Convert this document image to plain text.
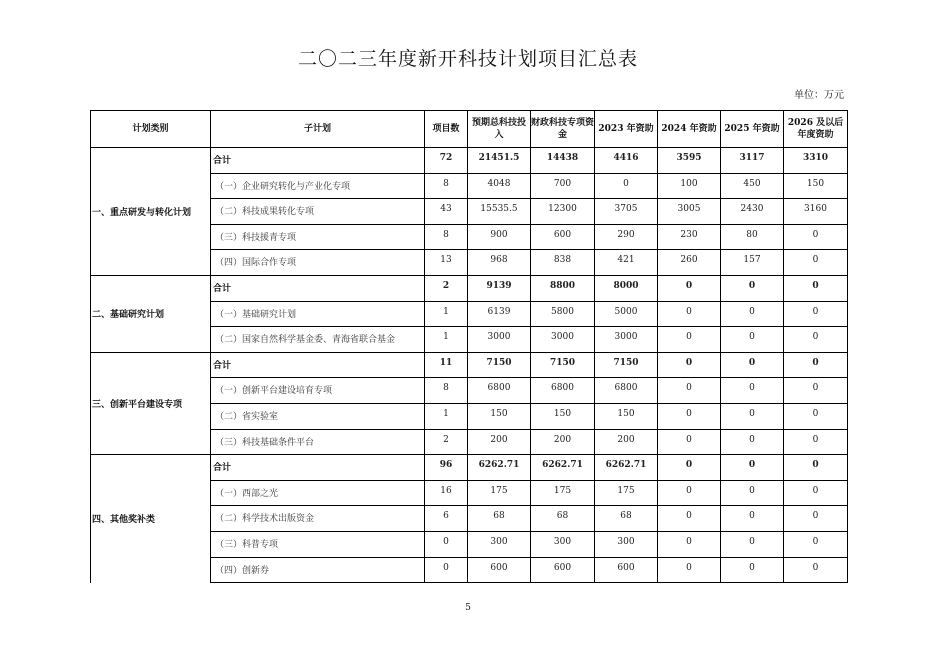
二〇二三年度新开科技计划项目汇总表
单位：万元
计划类别	子计划	项目数	预期总科技投入	财政科技专项资金	2023 年资助	2024 年资助	2025 年资助	2026 及以后年度资助
一、重点研发与转化计划	合计	72	21451.5	14438	4416	3595	3117	3310
	（一）企业研究转化与产业化专项	8	4048	700	0	100	450	150
	（二）科技成果转化专项	43	15535.5	12300	3705	3005	2430	3160
	（三）科技援青专项	8	900	600	290	230	80	0
	（四）国际合作专项	13	968	838	421	260	157	0
二、基础研究计划	合计	2	9139	8800	8000	0	0	0
	（一）基础研究计划	1	6139	5800	5000	0	0	0
	（二）国家自然科学基金委、青海省联合基金	1	3000	3000	3000	0	0	0
三、创新平台建设专项	合计	11	7150	7150	7150	0	0	0
	（一）创新平台建设培育专项	8	6800	6800	6800	0	0	0
	（二）省实验室	1	150	150	150	0	0	0
	（三）科技基础条件平台	2	200	200	200	0	0	0
四、其他奖补类	合计	96	6262.71	6262.71	6262.71	0	0	0
	（一）西部之光	16	175	175	175	0	0	0
	（二）科学技术出版资金	6	68	68	68	0	0	0
	（三）科普专项	0	300	300	300	0	0	0
	（四）创新券	0	600	600	600	0	0	0
5
